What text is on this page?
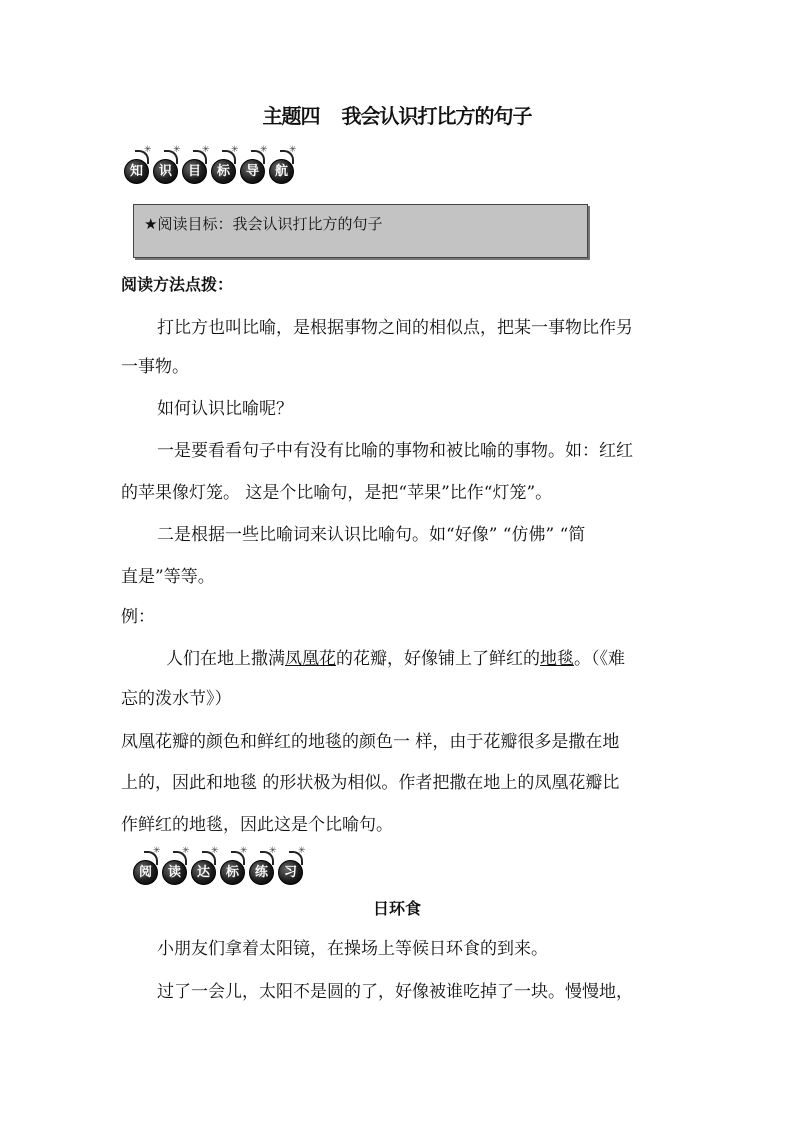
主题四 我会认识打比方的句子
✳
知
✳
识
✳
目
✳
标
✳
导
✳
航
★阅读目标：我会认识打比方的句子
阅读方法点拨：
打比方也叫比喻，是根据事物之间的相似点，把某一事物比作另
一事物。
如何认识比喻呢？
一是要看看句子中有没有比喻的事物和被比喻的事物。如：红红
的苹果像灯笼。 这是个比喻句，是把“苹果”比作“灯笼”。
二是根据一些比喻词来认识比喻句。如“好像” “仿佛” “简
直是”等等。
例：
人们在地上撒满凤凰花的花瓣，好像铺上了鲜红的地毯。（《难
忘的泼水节》）
凤凰花瓣的颜色和鲜红的地毯的颜色一 样，由于花瓣很多是撒在地
上的，因此和地毯 的形状极为相似。作者把撒在地上的凤凰花瓣比
作鲜红的地毯，因此这是个比喻句。
✳
阅
✳
读
✳
达
✳
标
✳
练
✳
习
日环食
小朋友们拿着太阳镜，在操场上等候日环食的到来。
过了一会儿，太阳不是圆的了，好像被谁吃掉了一块。慢慢地，
